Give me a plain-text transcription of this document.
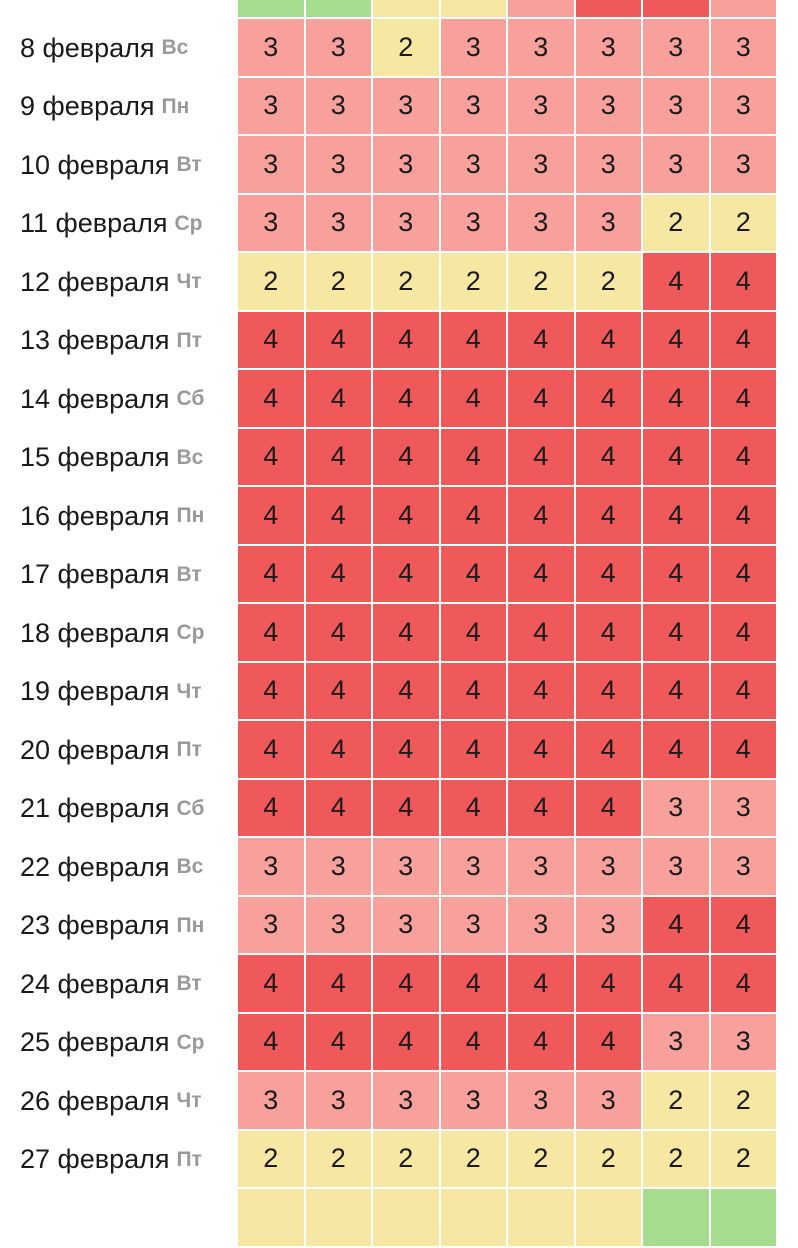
8 февраля Вс	3	3	2	3	3	3	3	3
9 февраля Пн	3	3	3	3	3	3	3	3
10 февраля Вт	3	3	3	3	3	3	3	3
11 февраля Ср	3	3	3	3	3	3	2	2
12 февраля Чт	2	2	2	2	2	2	4	4
13 февраля Пт	4	4	4	4	4	4	4	4
14 февраля Сб	4	4	4	4	4	4	4	4
15 февраля Вс	4	4	4	4	4	4	4	4
16 февраля Пн	4	4	4	4	4	4	4	4
17 февраля Вт	4	4	4	4	4	4	4	4
18 февраля Ср	4	4	4	4	4	4	4	4
19 февраля Чт	4	4	4	4	4	4	4	4
20 февраля Пт	4	4	4	4	4	4	4	4
21 февраля Сб	4	4	4	4	4	4	3	3
22 февраля Вс	3	3	3	3	3	3	3	3
23 февраля Пн	3	3	3	3	3	3	4	4
24 февраля Вт	4	4	4	4	4	4	4	4
25 февраля Ср	4	4	4	4	4	4	3	3
26 февраля Чт	3	3	3	3	3	3	2	2
27 февраля Пт	2	2	2	2	2	2	2	2
